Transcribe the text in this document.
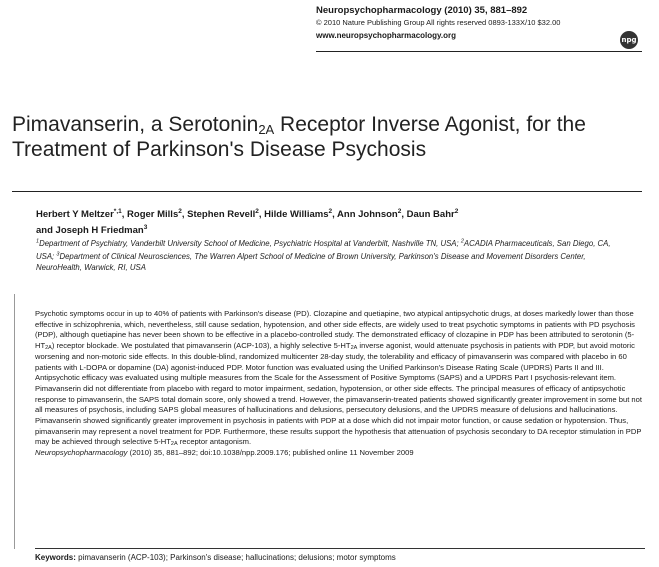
Neuropsychopharmacology (2010) 35, 881–892
© 2010 Nature Publishing Group All rights reserved 0893-133X/10 $32.00
www.neuropsychopharmacology.org	npg
Pimavanserin, a Serotonin$_{2A}$ Receptor Inverse Agonist, for the Treatment of Parkinson's Disease Psychosis
Herbert Y Meltzer$^{*,1}$, Roger Mills$^2$, Stephen Revell$^2$, Hilde Williams$^2$, Ann Johnson$^2$, Daun Bahr$^2$
and Joseph H Friedman$^3$
$^1$Department of Psychiatry, Vanderbilt University School of Medicine, Psychiatric Hospital at Vanderbilt, Nashville TN, USA; $^2$ACADIA Pharmaceuticals, San Diego, CA, USA; $^3$Department of Clinical Neurosciences, The Warren Alpert School of Medicine of Brown University, Parkinson's Disease and Movement Disorders Center, NeuroHealth, Warwick, RI, USA
Psychotic symptoms occur in up to 40% of patients with Parkinson's disease (PD). Clozapine and quetiapine, two atypical antipsychotic drugs, at doses markedly lower than those effective in schizophrenia, which, nevertheless, still cause sedation, hypotension, and other side effects, are widely used to treat psychotic symptoms in patients with PD psychosis (PDP), although quetiapine has never been shown to be effective in a placebo-controlled study. The demonstrated efficacy of clozapine in PDP has been attributed to serotonin $(5-HT_{2A})$ receptor blockade. We postulated that pimavanserin (ACP-103), a highly selective $5-HT_{2A}$ inverse agonist, would attenuate psychosis in patients with PDP, but avoid motoric worsening and non-motoric side effects. In this double-blind, randomized multicenter 28-day study, the tolerability and efficacy of pimavanserin was compared with placebo in 60 patients with L-DOPA or dopamine (DA) agonist-induced PDP. Motor function was evaluated using the Unified Parkinson's Disease Rating Scale (UPDRS) Parts II and III. Antipsychotic efficacy was evaluated using multiple measures from the Scale for the Assessment of Positive Symptoms (SAPS) and a UPDRS Part I psychosis-relevant item. Pimavanserin did not differentiate from placebo with regard to motor impairment, sedation, hypotension, or other side effects. The principal measures of efficacy of antipsychotic response to pimavanserin, the SAPS total domain score, only showed a trend. However, the pimavanserin-treated patients showed significantly greater improvement in some but not all measures of psychosis, including SAPS global measures of hallucinations and delusions, persecutory delusions, and the UPDRS measure of delusions and hallucinations. Pimavanserin showed significantly greater improvement in psychosis in patients with PDP at a dose which did not impair motor function, or cause sedation or hypotension. Thus, pimavanserin may represent a novel treatment for PDP. Furthermore, these results support the hypothesis that attenuation of psychosis secondary to DA receptor stimulation in PDP may be achieved through selective $5-HT_{2A}$ receptor antagonism.
Neuropsychopharmacology (2010) 35, 881–892; doi:10.1038/npp.2009.176; published online 11 November 2009
Keywords: pimavanserin (ACP-103); Parkinson's disease; hallucinations; delusions; motor symptoms
